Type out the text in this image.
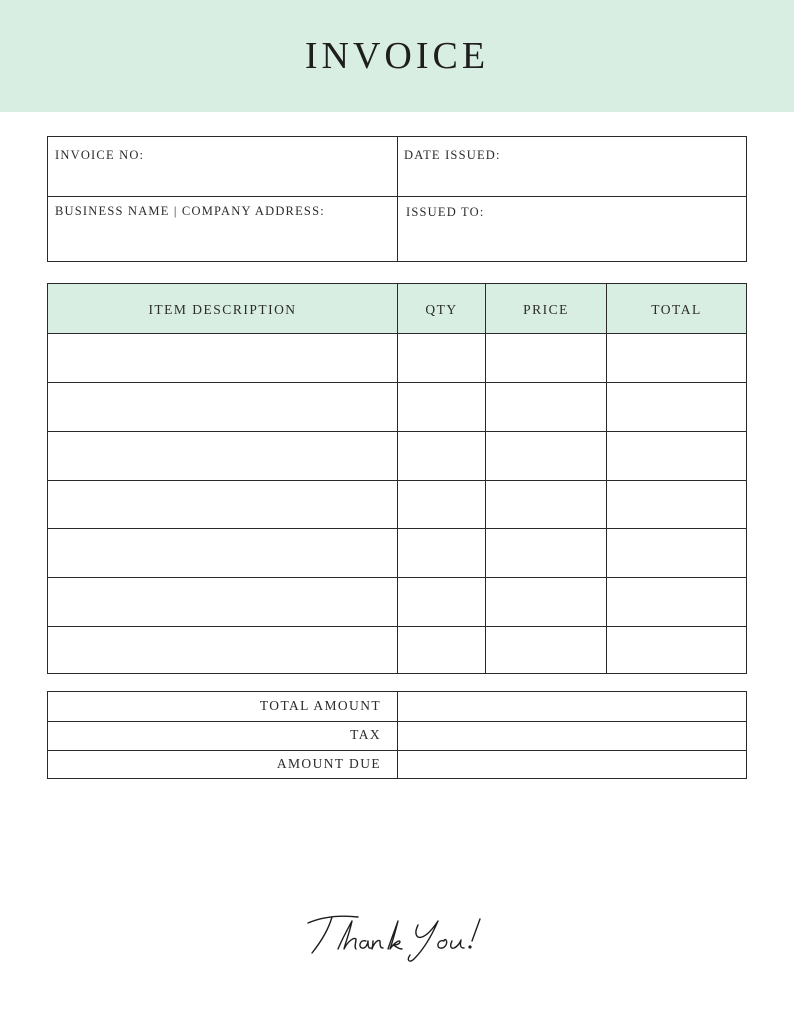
INVOICE
INVOICE NO:	DATE ISSUED:
BUSINESS NAME | COMPANY ADDRESS:	ISSUED TO:
ITEM DESCRIPTION	QTY	PRICE	TOTAL
TOTAL AMOUNT
TAX
AMOUNT DUE
